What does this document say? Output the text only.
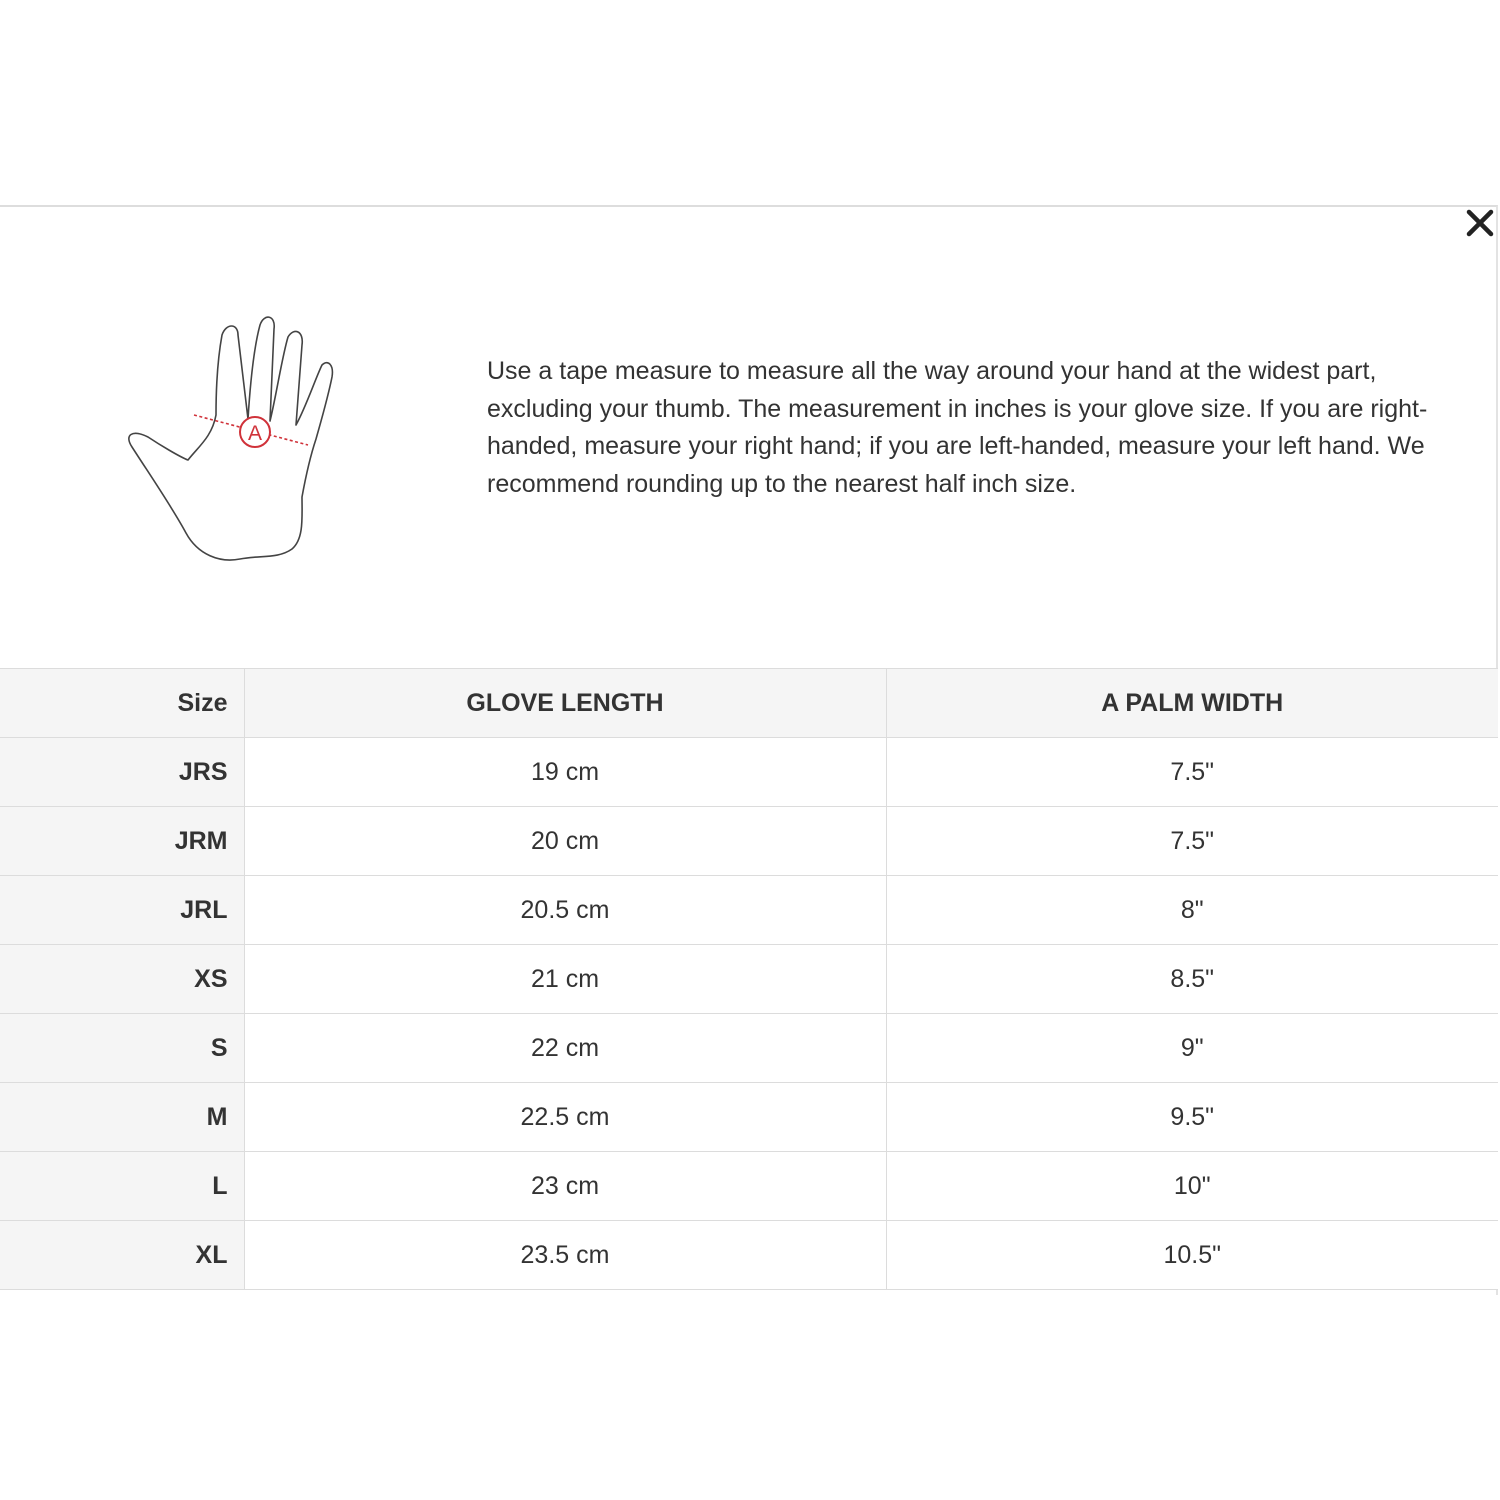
A

Use a tape measure to measure all the way around your hand at the widest part, excluding your thumb. The measurement in inches is your glove size. If you are right-handed, measure your right hand; if you are left-handed, measure your left hand. We recommend rounding up to the nearest half inch size.

Size	GLOVE LENGTH	A PALM WIDTH
JRS	19 cm	7.5"
JRM	20 cm	7.5"
JRL	20.5 cm	8"
XS	21 cm	8.5"
S	22 cm	9"
M	22.5 cm	9.5"
L	23 cm	10"
XL	23.5 cm	10.5"
